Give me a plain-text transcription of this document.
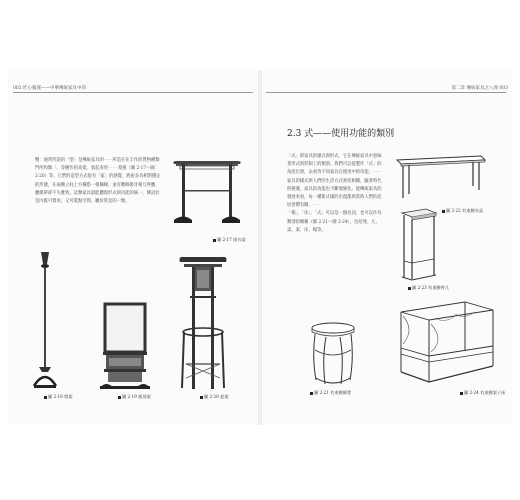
002 匠心獨運——中華傳統家具中的	第二章 傳統家具之八義 003

雙：通常所說的「型」是傳統家具的⋯⋯所造在在丰作的貨物種類門所和類「。等腰作的高架，架起來更⋯⋯ 架挑（圖 2·17～圖 2·20）等。它們的造型方式很有「家」的感覺，底座多為相對穩定的形態，在兩側立柱上方橫搭一根橫樑，並有雕飾掛牙相互呼應，雖簡單卻不失雅致。這類家具最能體現形式與功能的統一，陳設於室內既可實用，又可裝點空間，屬於常見的一類。

圖 2·17 掛衣架
圖 2·18 燈架	圖 2·19 插屏架	圖 2·20 盆架
2.3 式——使用功能的類別

「式」即家具的樣式與形式，它在傳統家具中意味著形式與形制上的類別。我們可以從製作「式」的角度出發，去看待不同家具在使用中的功能，⋯⋯

家具的樣式與人們的生活方式密切相關，隨著時代的變遷，家具的功能也不斷地變化。從傳統家具的發展來看，每一種新式樣的出現都與當時人們的起居習慣有關，⋯⋯

「榻」、「床」、「式」可以是一個名詞，也可以作為類別的總稱（圖 2·21～圖 2·24），包括凳、几、桌、案、床、榻等。

圖 2·22 有束腰長桌
圖 2·23 有束腰香几
圖 2·21 有束腰圓凳	圖 2·24 有束腰架子床
